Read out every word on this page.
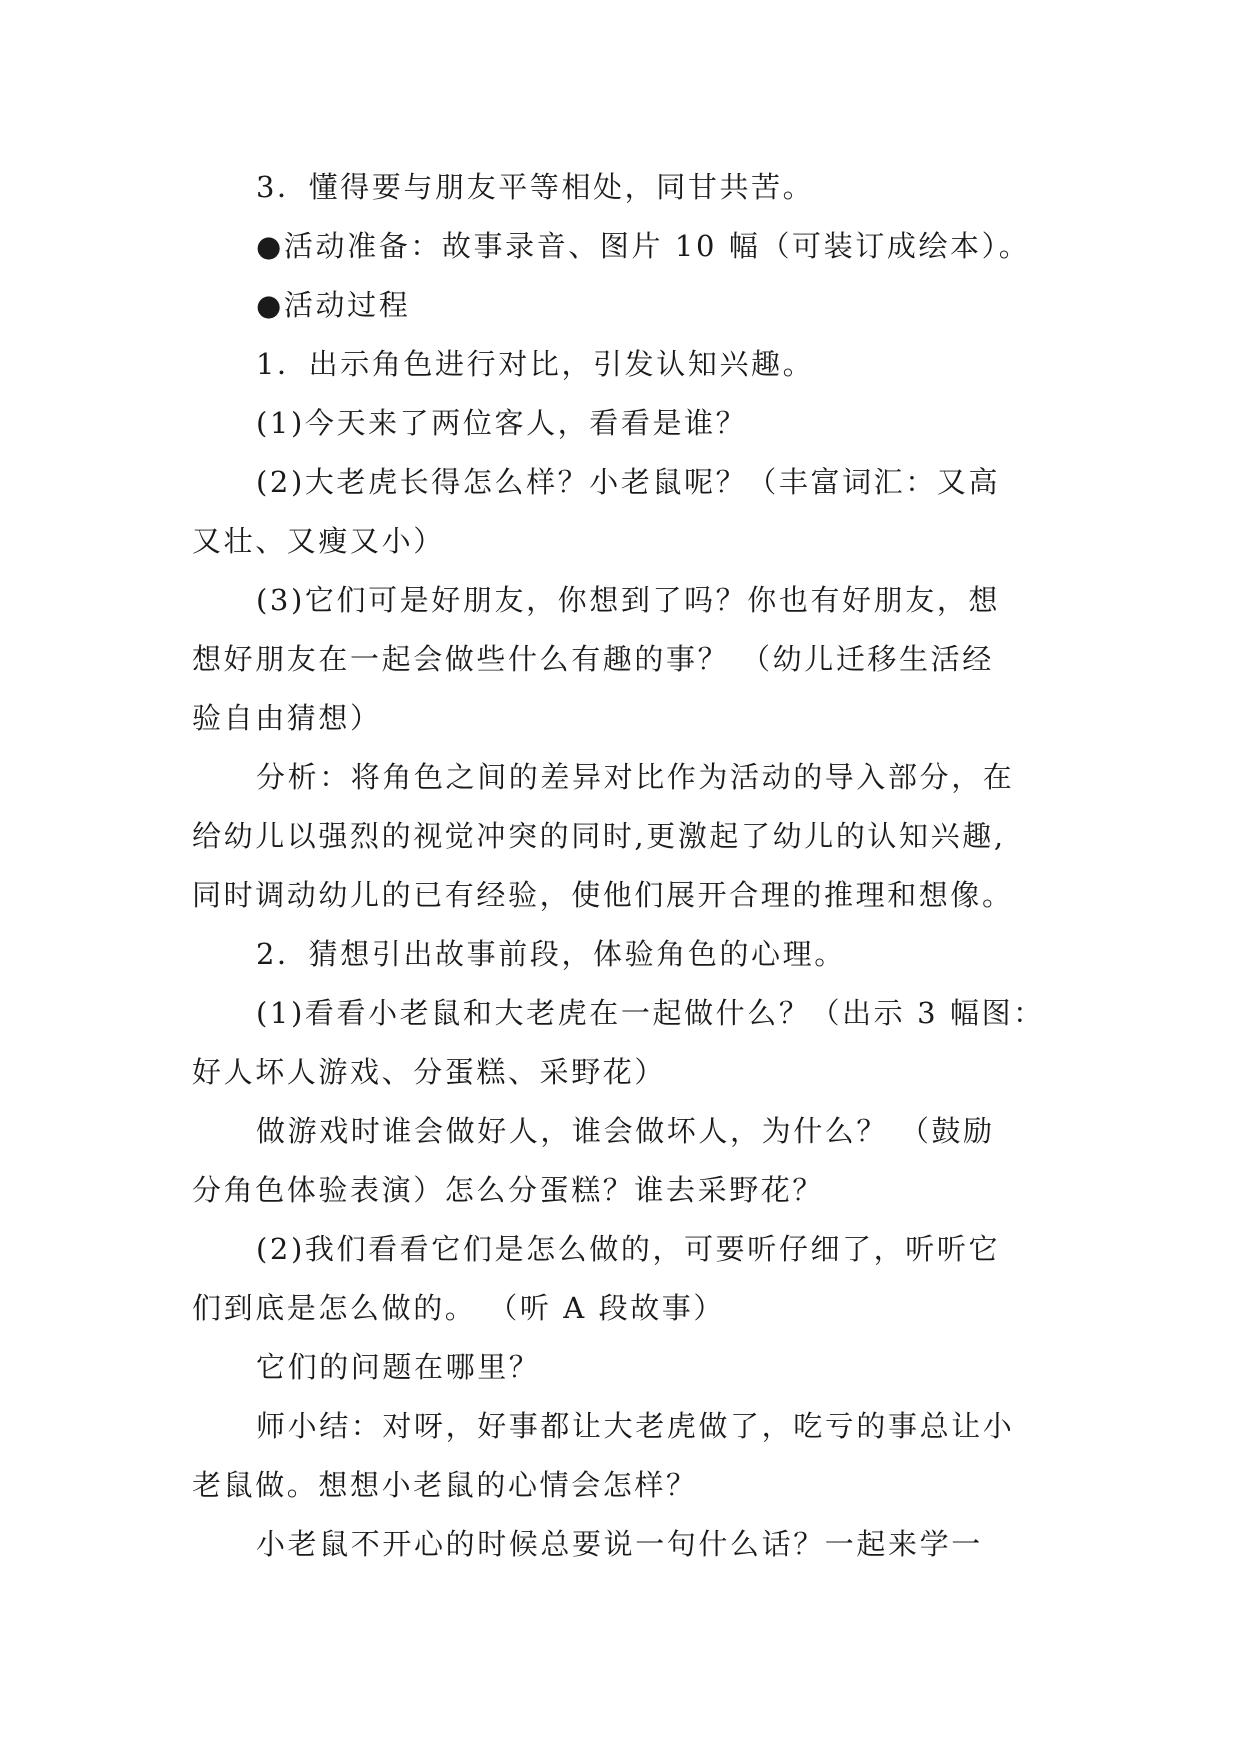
3．懂得要与朋友平等相处，同甘共苦。
●活动准备：故事录音、图片 10 幅（可装订成绘本）。
●活动过程
1．出示角色进行对比，引发认知兴趣。
(1)今天来了两位客人，看看是谁？
(2)大老虎长得怎么样？小老鼠呢？（丰富词汇：又高
又壮、又瘦又小）
(3)它们可是好朋友，你想到了吗？你也有好朋友，想
想好朋友在一起会做些什么有趣的事？ （幼儿迁移生活经
验自由猜想）
分析：将角色之间的差异对比作为活动的导入部分，在
给幼儿以强烈的视觉冲突的同时,更激起了幼儿的认知兴趣,
同时调动幼儿的已有经验，使他们展开合理的推理和想像。
2．猜想引出故事前段，体验角色的心理。
(1)看看小老鼠和大老虎在一起做什么？（出示 3 幅图：
好人坏人游戏、分蛋糕、采野花）
做游戏时谁会做好人，谁会做坏人，为什么？ （鼓励
分角色体验表演）怎么分蛋糕？谁去采野花？
(2)我们看看它们是怎么做的，可要听仔细了，听听它
们到底是怎么做的。 （听 A 段故事）
它们的问题在哪里？
师小结：对呀，好事都让大老虎做了，吃亏的事总让小
老鼠做。想想小老鼠的心情会怎样？
小老鼠不开心的时候总要说一句什么话？一起来学一
